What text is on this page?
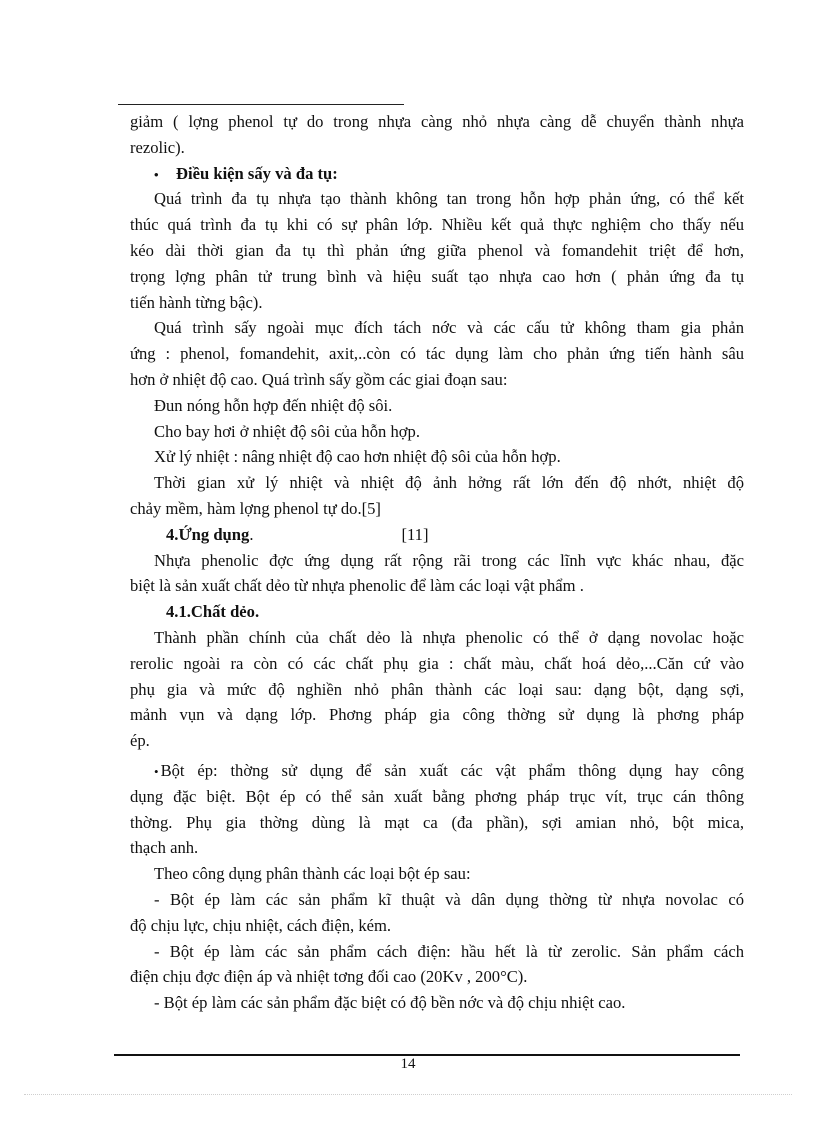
giảm ( lợng phenol tự do trong nhựa càng nhỏ nhựa càng dễ chuyển thành nhựa
rezolic).
• Điều kiện sấy và đa tụ:
Quá trình đa tụ nhựa tạo thành không tan trong hỗn hợp phản ứng, có thể kết
thúc quá trình đa tụ khi có sự phân lớp. Nhiều kết quả thực nghiệm cho thấy nếu
kéo dài thời gian đa tụ thì phản ứng giữa phenol và fomandehit triệt để hơn,
trọng lợng phân tử trung bình và hiệu suất tạo nhựa cao hơn ( phản ứng đa tụ
tiến hành từng bậc).
Quá trình sấy ngoài mục đích tách nớc và các cấu tử không tham gia phản
ứng : phenol, fomandehit, axit,..còn có tác dụng làm cho phản ứng tiến hành sâu
hơn ở nhiệt độ cao. Quá trình sấy gồm các giai đoạn sau:
Đun nóng hỗn hợp đến nhiệt độ sôi.
Cho bay hơi ở nhiệt độ sôi của hỗn hợp.
Xử lý nhiệt : nâng nhiệt độ cao hơn nhiệt độ sôi của hỗn hợp.
Thời gian xử lý nhiệt và nhiệt độ ảnh hởng rất lớn đến độ nhớt, nhiệt độ
chảy mềm, hàm lợng phenol tự do.[5]
4.Ứng dụng.	[11]
Nhựa phenolic đợc ứng dụng rất rộng rãi trong các lĩnh vực khác nhau, đặc
biệt là sản xuất chất dẻo từ nhựa phenolic để làm các loại vật phẩm .
4.1.Chất dẻo.
Thành phần chính của chất dẻo là nhựa phenolic có thể ở dạng novolac hoặc
rerolic ngoài ra còn có các chất phụ gia : chất màu, chất hoá dẻo,...Căn cứ vào
phụ gia và mức độ nghiền nhỏ phân thành các loại sau: dạng bột, dạng sợi,
mảnh vụn và dạng lớp. Phơng pháp gia công thờng sử dụng là phơng pháp
ép.
• Bột ép: thờng sử dụng để sản xuất các vật phẩm thông dụng hay công
dụng đặc biệt. Bột ép có thể sản xuất bằng phơng pháp trục vít, trục cán thông
thờng. Phụ gia thờng dùng là mạt ca (đa phần), sợi amian nhỏ, bột mica,
thạch anh.
Theo công dụng phân thành các loại bột ép sau:
- Bột ép làm các sản phẩm kĩ thuật và dân dụng thờng từ nhựa novolac có
độ chịu lực, chịu nhiệt, cách điện, kém.
- Bột ép làm các sản phẩm cách điện: hầu hết là từ zerolic. Sản phẩm cách
điện chịu đợc điện áp và nhiệt tơng đối cao (20Kv , 200°C).
- Bột ép làm các sản phẩm đặc biệt có độ bền nớc và độ chịu nhiệt cao.
14
